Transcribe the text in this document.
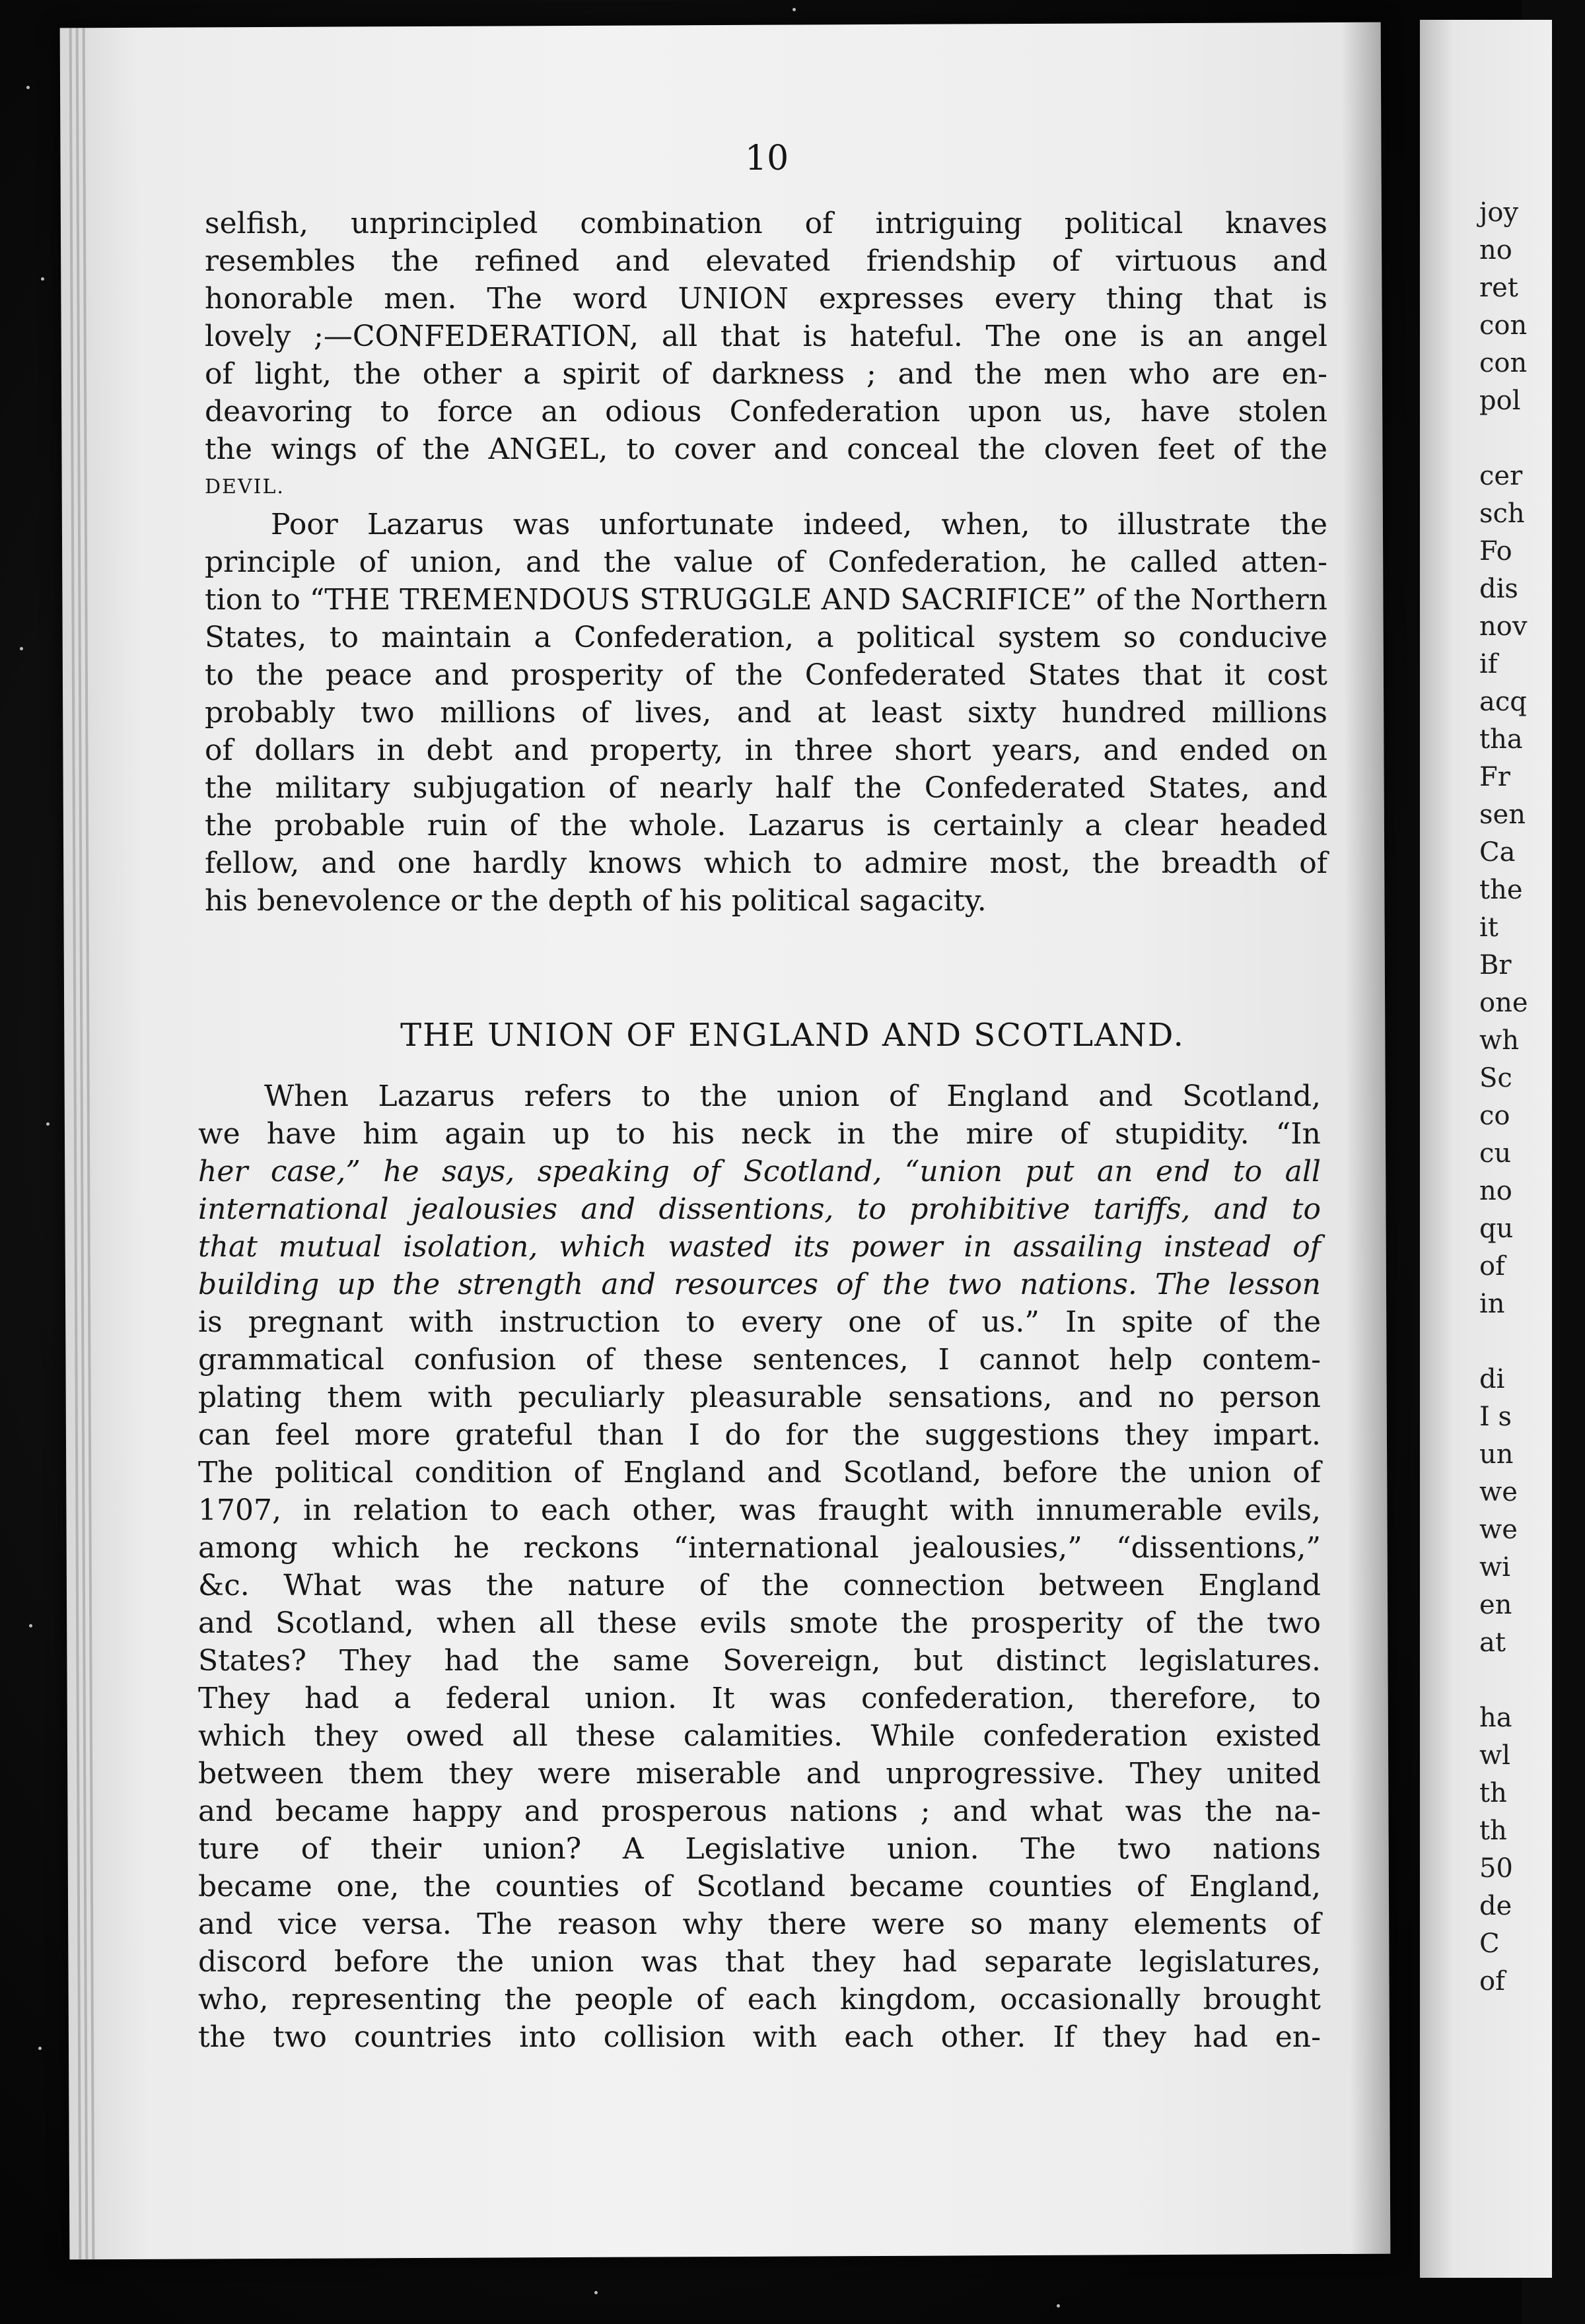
joy
no
ret
con
con
pol
cer
sch
Fo
dis
nov
if
acq
tha
Fr
sen
Ca
the
it
Br
one
wh
Sc
co
cu
no
qu
of
in
di
I s
un
we
we
wi
en
at
ha
wl
th
th
50
de
C
of
10
selfish, unprincipled combination of intriguing political knaves
resembles the refined and elevated friendship of virtuous and
honorable men. The word UNION expresses every thing that is
lovely ;—CONFEDERATION, all that is hateful. The one is an angel
of light, the other a spirit of darkness ; and the men who are en-
deavoring to force an odious Confederation upon us, have stolen
the wings of the ANGEL, to cover and conceal the cloven feet of the
DEVIL.
Poor Lazarus was unfortunate indeed, when, to illustrate the
principle of union, and the value of Confederation, he called atten-
tion to “THE TREMENDOUS STRUGGLE AND SACRIFICE” of the Northern
States, to maintain a Confederation, a political system so conducive
to the peace and prosperity of the Confederated States that it cost
probably two millions of lives, and at least sixty hundred millions
of dollars in debt and property, in three short years, and ended on
the military subjugation of nearly half the Confederated States, and
the probable ruin of the whole. Lazarus is certainly a clear headed
fellow, and one hardly knows which to admire most, the breadth of
his benevolence or the depth of his political sagacity.
THE UNION OF ENGLAND AND SCOTLAND.
When Lazarus refers to the union of England and Scotland,
we have him again up to his neck in the mire of stupidity. “In
her case,” he says, speaking of Scotland, “union put an end to all
international jealousies and dissentions, to prohibitive tariffs, and to
that mutual isolation, which wasted its power in assailing instead of
building up the strength and resources of the two nations. The lesson
is pregnant with instruction to every one of us.” In spite of the
grammatical confusion of these sentences, I cannot help contem-
plating them with peculiarly pleasurable sensations, and no person
can feel more grateful than I do for the suggestions they impart.
The political condition of England and Scotland, before the union of
1707, in relation to each other, was fraught with innumerable evils,
among which he reckons “international jealousies,” “dissentions,”
&c. What was the nature of the connection between England
and Scotland, when all these evils smote the prosperity of the two
States? They had the same Sovereign, but distinct legislatures.
They had a federal union. It was confederation, therefore, to
which they owed all these calamities. While confederation existed
between them they were miserable and unprogressive. They united
and became happy and prosperous nations ; and what was the na-
ture of their union? A Legislative union. The two nations
became one, the counties of Scotland became counties of England,
and vice versa. The reason why there were so many elements of
discord before the union was that they had separate legislatures,
who, representing the people of each kingdom, occasionally brought
the two countries into collision with each other. If they had en-
